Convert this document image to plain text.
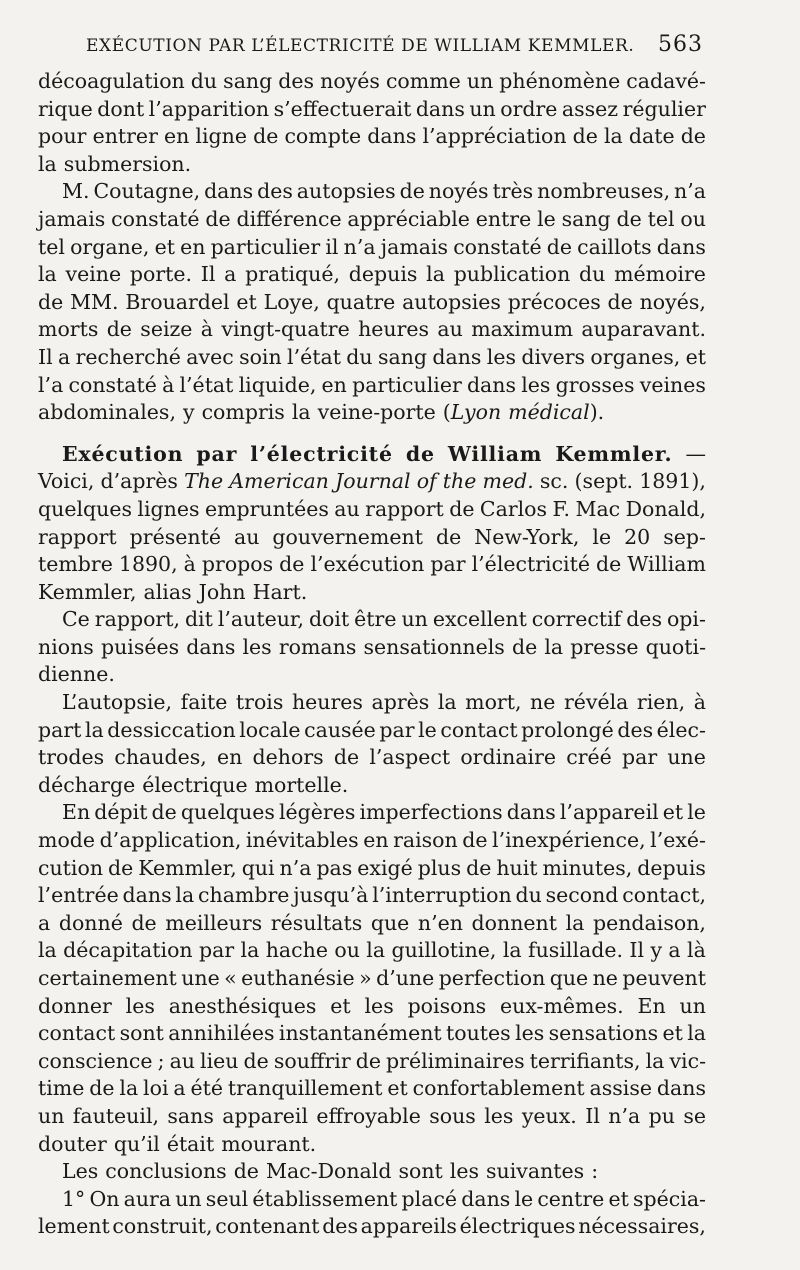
EXÉCUTION PAR L’ÉLECTRICITÉ DE WILLIAM KEMMLER. 563
décoagulation du sang des noyés comme un phénomène cadavé-
rique dont l’apparition s’effectuerait dans un ordre assez régulier
pour entrer en ligne de compte dans l’appréciation de la date de
la submersion.
M. Coutagne, dans des autopsies de noyés très nombreuses, n’a
jamais constaté de différence appréciable entre le sang de tel ou
tel organe, et en particulier il n’a jamais constaté de caillots dans
la veine porte. Il a pratiqué, depuis la publication du mémoire
de MM. Brouardel et Loye, quatre autopsies précoces de noyés,
morts de seize à vingt-quatre heures au maximum auparavant.
Il a recherché avec soin l’état du sang dans les divers organes, et
l’a constaté à l’état liquide, en particulier dans les grosses veines
abdominales, y compris la veine-porte (Lyon médical).
Exécution par l’électricité de William Kemmler. —
Voici, d’après The American Journal of the med. sc. (sept. 1891),
quelques lignes empruntées au rapport de Carlos F. Mac Donald,
rapport présenté au gouvernement de New-York, le 20 sep-
tembre 1890, à propos de l’exécution par l’électricité de William
Kemmler, alias John Hart.
Ce rapport, dit l’auteur, doit être un excellent correctif des opi-
nions puisées dans les romans sensationnels de la presse quoti-
dienne.
L’autopsie, faite trois heures après la mort, ne révéla rien, à
part la dessiccation locale causée par le contact prolongé des élec-
trodes chaudes, en dehors de l’aspect ordinaire créé par une
décharge électrique mortelle.
En dépit de quelques légères imperfections dans l’appareil et le
mode d’application, inévitables en raison de l’inexpérience, l’exé-
cution de Kemmler, qui n’a pas exigé plus de huit minutes, depuis
l’entrée dans la chambre jusqu’à l’interruption du second contact,
a donné de meilleurs résultats que n’en donnent la pendaison,
la décapitation par la hache ou la guillotine, la fusillade. Il y a là
certainement une « euthanésie » d’une perfection que ne peuvent
donner les anesthésiques et les poisons eux-mêmes. En un
contact sont annihilées instantanément toutes les sensations et la
conscience ; au lieu de souffrir de préliminaires terrifiants, la vic-
time de la loi a été tranquillement et confortablement assise dans
un fauteuil, sans appareil effroyable sous les yeux. Il n’a pu se
douter qu’il était mourant.
Les conclusions de Mac-Donald sont les suivantes :
1° On aura un seul établissement placé dans le centre et spécia-
lement construit, contenant des appareils électriques nécessaires,
